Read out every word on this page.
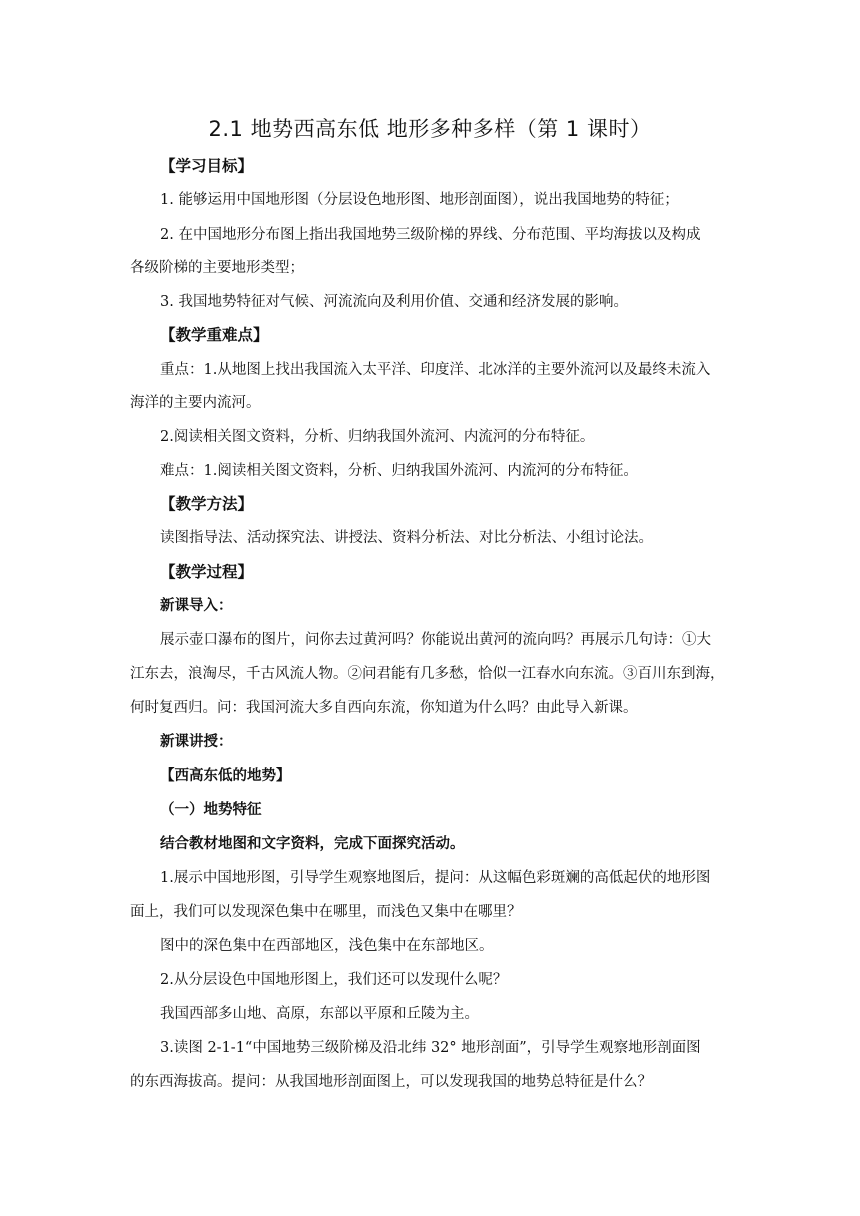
2.1 地势西高东低 地形多种多样（第 1 课时）
【学习目标】
1. 能够运用中国地形图（分层设色地形图、地形剖面图），说出我国地势的特征；
2. 在中国地形分布图上指出我国地势三级阶梯的界线、分布范围、平均海拔以及构成
各级阶梯的主要地形类型；
3. 我国地势特征对气候、河流流向及利用价值、交通和经济发展的影响。
【教学重难点】
重点：1.从地图上找出我国流入太平洋、印度洋、北冰洋的主要外流河以及最终未流入
海洋的主要内流河。
2.阅读相关图文资料，分析、归纳我国外流河、内流河的分布特征。
难点：1.阅读相关图文资料，分析、归纳我国外流河、内流河的分布特征。
【教学方法】
读图指导法、活动探究法、讲授法、资料分析法、对比分析法、小组讨论法。
【教学过程】
新课导入：
展示壶口瀑布的图片，问你去过黄河吗？你能说出黄河的流向吗？再展示几句诗：①大
江东去，浪淘尽，千古风流人物。②问君能有几多愁，恰似一江春水向东流。③百川东到海，
何时复西归。问：我国河流大多自西向东流，你知道为什么吗？由此导入新课。
新课讲授：
【西高东低的地势】
（一）地势特征
结合教材地图和文字资料，完成下面探究活动。
1.展示中国地形图，引导学生观察地图后，提问：从这幅色彩斑斓的高低起伏的地形图
面上，我们可以发现深色集中在哪里，而浅色又集中在哪里？
图中的深色集中在西部地区，浅色集中在东部地区。
2.从分层设色中国地形图上，我们还可以发现什么呢？
我国西部多山地、高原，东部以平原和丘陵为主。
3.读图 2-1-1“中国地势三级阶梯及沿北纬 32° 地形剖面”，引导学生观察地形剖面图
的东西海拔高。提问：从我国地形剖面图上，可以发现我国的地势总特征是什么？
